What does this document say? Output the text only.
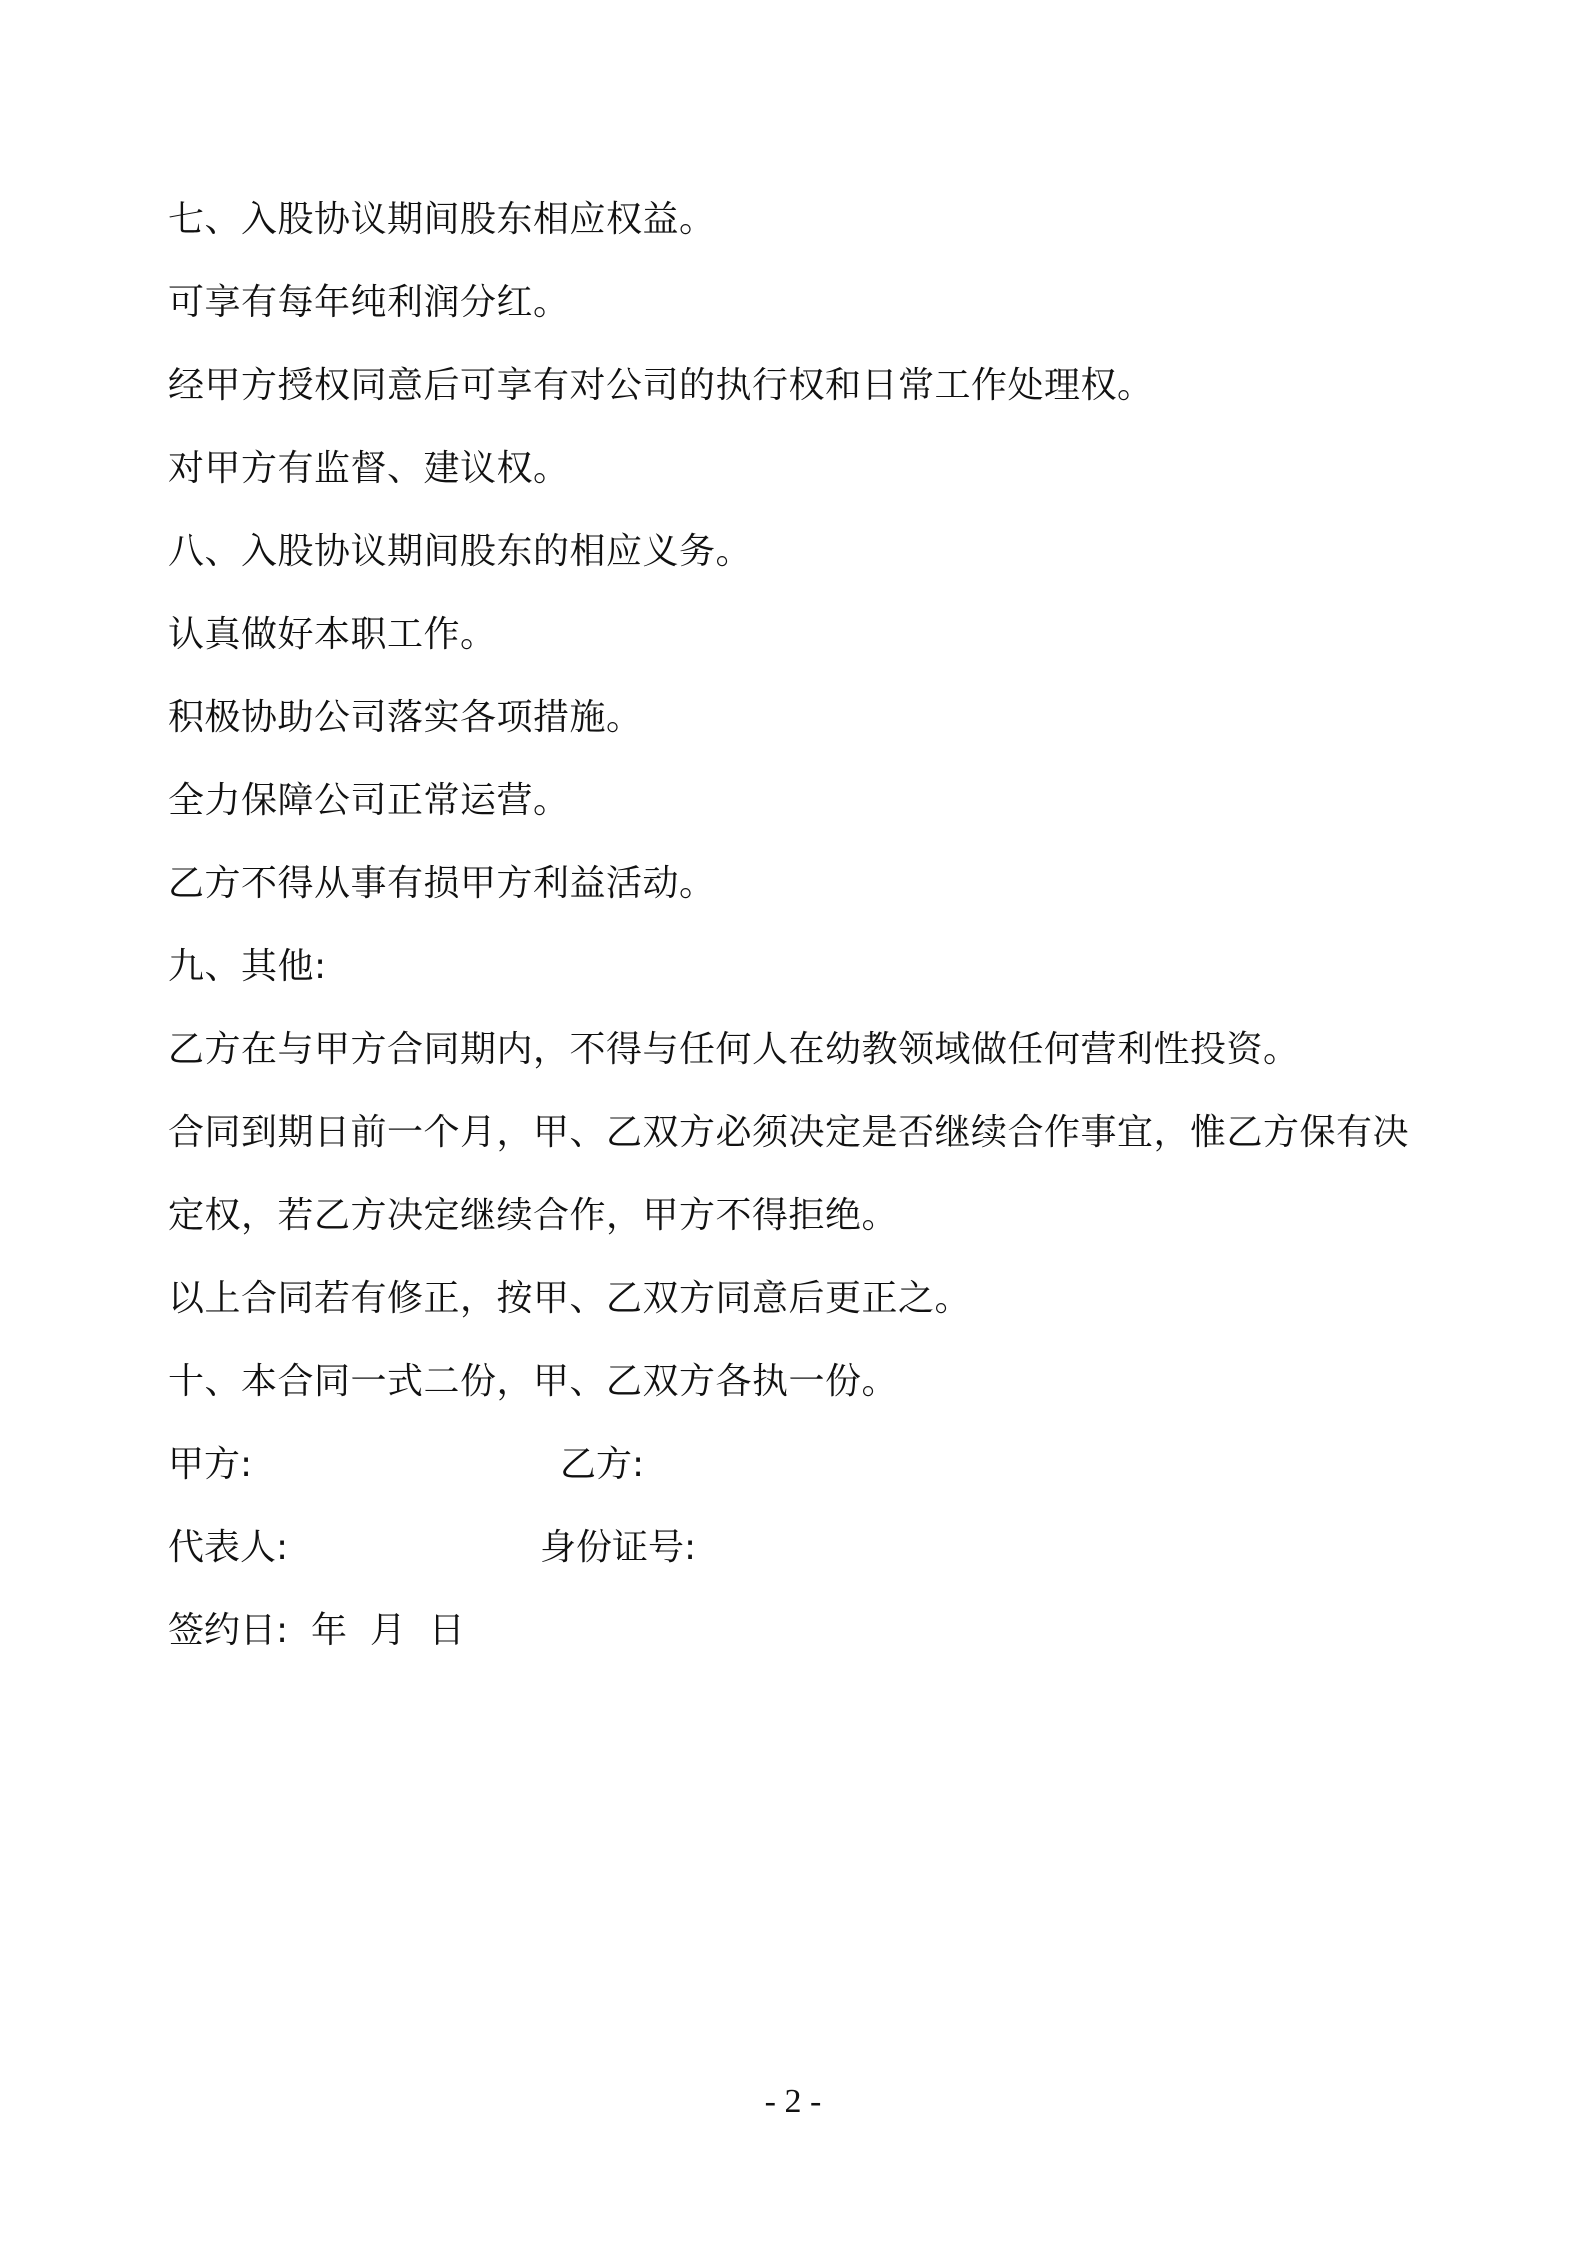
七、入股协议期间股东相应权益。
可享有每年纯利润分红。
经甲方授权同意后可享有对公司的执行权和日常工作处理权。
对甲方有监督、建议权。
八、入股协议期间股东的相应义务。
认真做好本职工作。
积极协助公司落实各项措施。
全力保障公司正常运营。
乙方不得从事有损甲方利益活动。
九、其他:
乙方在与甲方合同期内，不得与任何人在幼教领域做任何营利性投资。
合同到期日前一个月，甲、乙双方必须决定是否继续合作事宜，惟乙方保有决
定权，若乙方决定继续合作，甲方不得拒绝。
以上合同若有修正，按甲、乙双方同意后更正之。
十、本合同一式二份，甲、乙双方各执一份。
甲方:	乙方:
代表人:	身份证号:
签约日:  年  月  日
- 2 -
